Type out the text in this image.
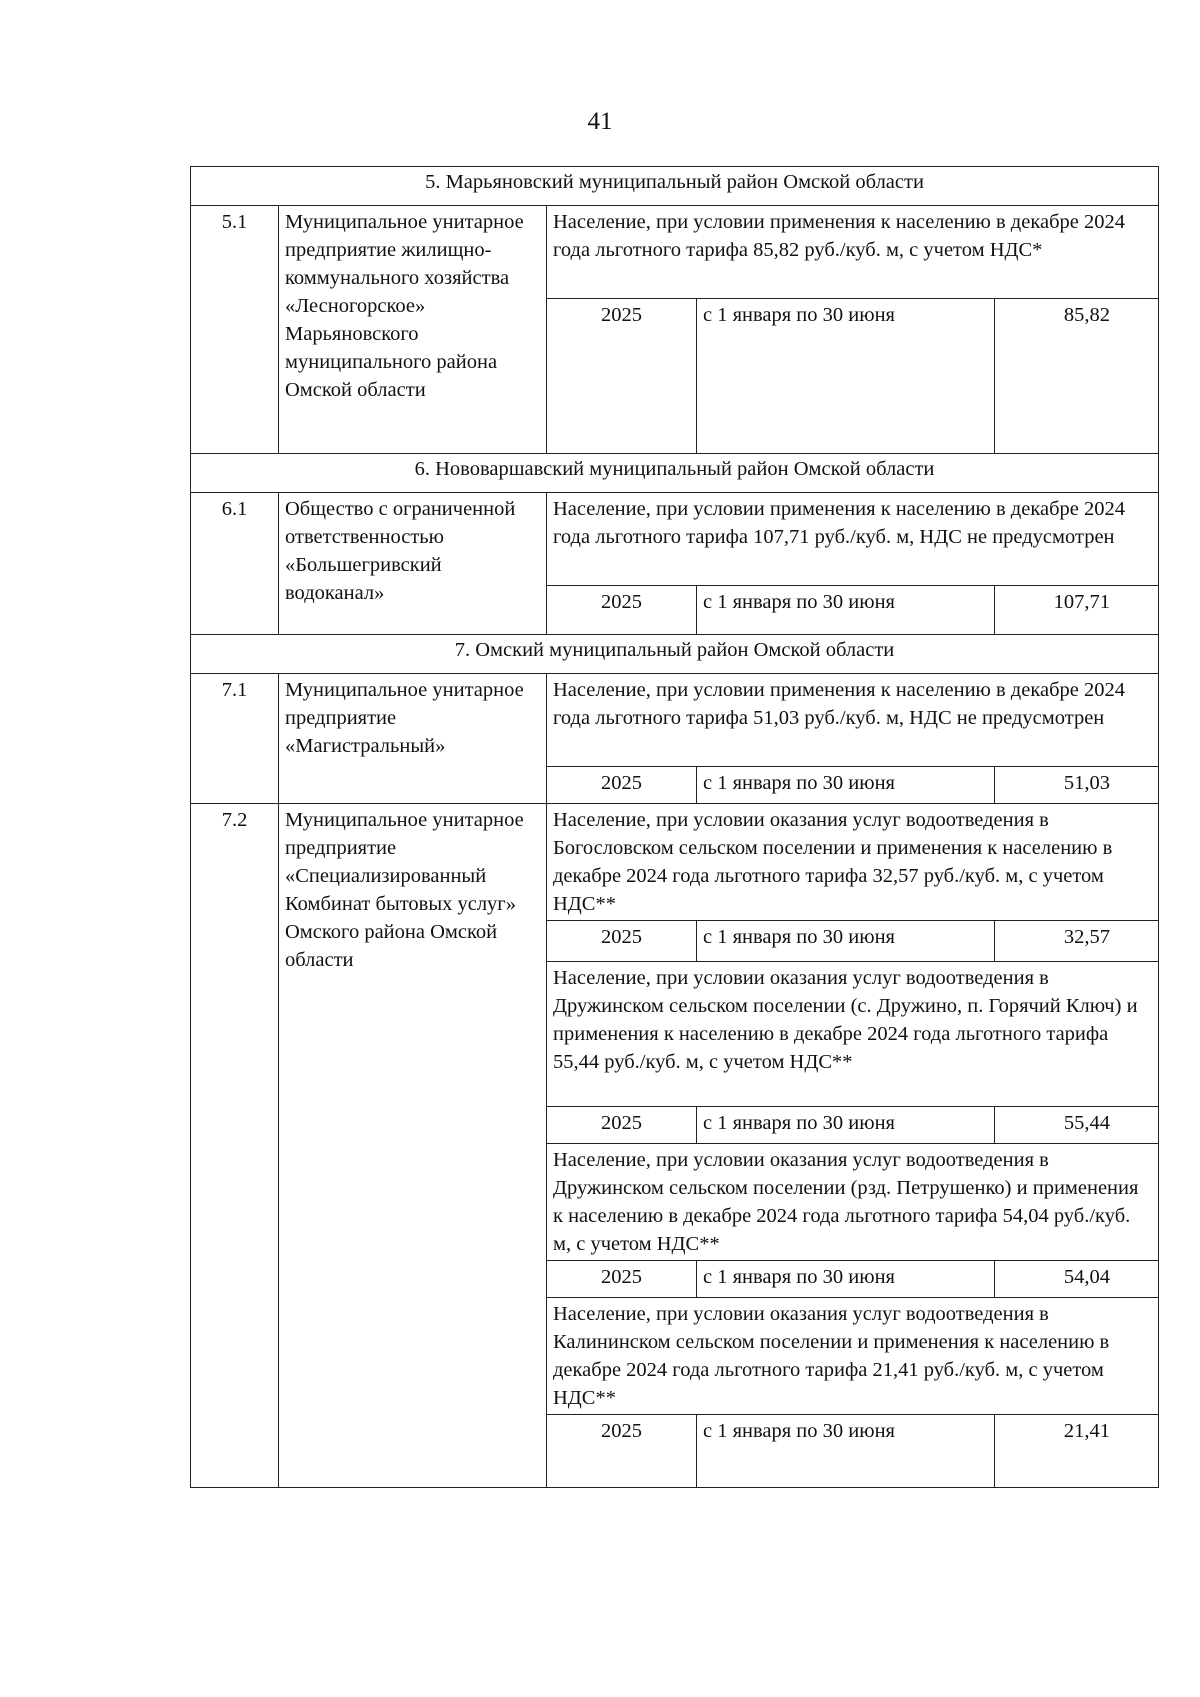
41
5. Марьяновский муниципальный район Омской области				
5.1	Муниципальное унитарное предприятие жилищно-коммунального хозяйства «Лесногорское» Марьяновского муниципального района Омской области	Население, при условии применения к населению в декабре 2024 года льготного тарифа 85,82 руб./куб. м, с учетом НДС*		
		2025	с 1 января по 30 июня	85,82
6. Нововаршавский муниципальный район Омской области				
6.1	Общество с ограниченной ответственностью «Большегривский водоканал»	Население, при условии применения к населению в декабре 2024 года льготного тарифа 107,71 руб./куб. м, НДС не предусмотрен		
		2025	с 1 января по 30 июня	107,71
7. Омский муниципальный район Омской области				
7.1	Муниципальное унитарное предприятие «Магистральный»	Население, при условии применения к населению в декабре 2024 года льготного тарифа 51,03 руб./куб. м, НДС не предусмотрен		
		2025	с 1 января по 30 июня	51,03
7.2	Муниципальное унитарное предприятие «Специализированный Комбинат бытовых услуг» Омского района Омской области	Население, при условии оказания услуг водоотведения в Богословском сельском поселении и применения к населению в декабре 2024 года льготного тарифа 32,57 руб./куб. м, с учетом НДС**		
		2025	с 1 января по 30 июня	32,57
		Население, при условии оказания услуг водоотведения в Дружинском сельском поселении (с. Дружино, п. Горячий Ключ) и применения к населению в декабре 2024 года льготного тарифа 55,44 руб./куб. м, с учетом НДС**		
		2025	с 1 января по 30 июня	55,44
		Население, при условии оказания услуг водоотведения в Дружинском сельском поселении (рзд. Петрушенко) и применения к населению в декабре 2024 года льготного тарифа 54,04 руб./куб. м, с учетом НДС**		
		2025	с 1 января по 30 июня	54,04
		Население, при условии оказания услуг водоотведения в Калининском сельском поселении и применения к населению в декабре 2024 года льготного тарифа 21,41 руб./куб. м, с учетом НДС**		
		2025	с 1 января по 30 июня	21,41
